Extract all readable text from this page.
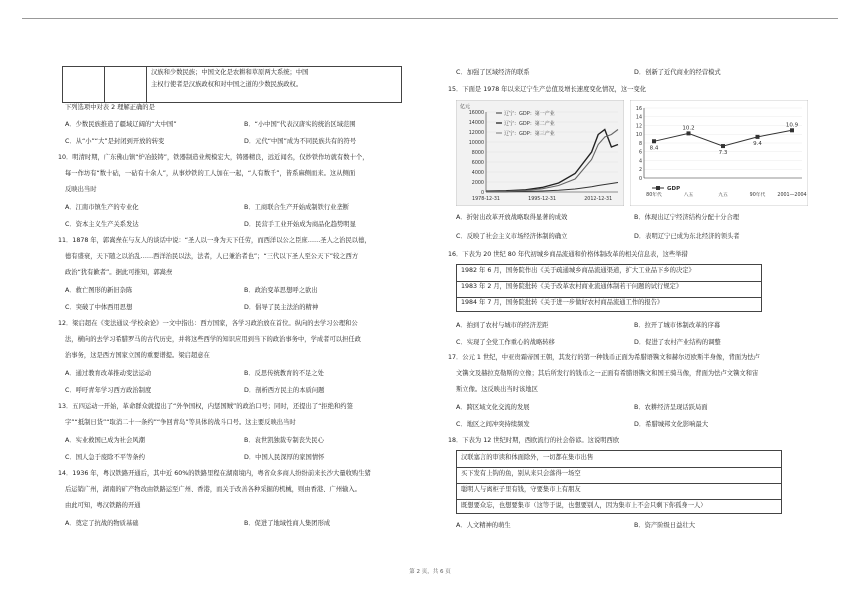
汉族和少数民族；中国文化是农耕和草原两大系统；中国
主权行使者是汉族政权和对中国之道的少数民族政权。
下列选项中对表 2 理解正确的是
A．少数民族推造了疆域辽阔的“大中国”	B．“小中国”代表汉唐实的统治区域范围
C．从“小”“大”是封闭到开放的转变	D．元代“中国”成为不同民族共有的符号
10．明清时期，广东佛山镇“炉冶鼓铸”，铁器制造业规模宏大，铸器精良，远近闻名，仅炒铁作坊就有数十个，
每一作坊有“数十砧，一砧有十余人”，从事炒铁的工人加在一起，“人有数千”，皆系麻侧而来。这从侧面
反映出当时
A．江南市镇生产的专业化	B．工商联合生产开始成制铁行业垄断
C．资本主义生产关系发达	D．民营手工业开始成为商品化趋势明显
11．1878 年，郭嵩焘在与友人的谈话中说：“圣人以一身为天下任劳，而西洋以公之臣庶……圣人之治民以德，
德有盛衰，天下随之以治乱……西洋治民以法，法者，人已兼治者也”；“三代以下圣人至公天下”较之西方
政治“犹有歉者”。据此可推知，郭嵩焘
A．救亡图形的新旧杂陈	B．政治变革思想呼之欲出
C．突破了中体西用思想	D．倡导了民主法治的精神
12．梁启超在《变法通议·学校余论》一文中指出：西方国家，各学习政治放在首位。纵向的去学习公理和公
法，横向的去学习希腊罗马的古代历史，并将这些西学的知识应用到当下的政治事务中，学成者可以担任政
治事务，这是西方国家立国的重要谱提。梁启超意在
A．通过教育改革推动变法运动	B．反思传统教育的不足之处
C．呼吁青年学习西方政治制度	D．剖析西方民主的本质问题
13．五四运动一开始，革命群众就提出了“外争国权，内惩国贼”的政治口号；同时，还提出了“拒绝和约签
字”“抵制日货”“取消二十一条约”“争回青岛”等具体的战斗口号。这主要反映出当时
A．实业救国已成为社会风潮	B．袁世凯独裁专制丧失民心
C．国人急于废除不平等条约	D．中国人民深厚的家国情怀
14．1936 年，粤汉铁路开通后，其中近 60%的铁路里程在湖南境内，粤省众多商人纷纷前来长沙大量收购生猪
后运销广州，湖南的矿产物改由铁路运至广州、香港，而关于改善各种采掘的机械，则由香港、广州输入。
由此可知，粤汉铁路的开通
A．奠定了抗战的物质基础	B．促进了地域性商人集团形成
C．加强了区域经济的联系	D．创新了近代商业的经营模式
15．下面是 1978 年以来辽宁生产总值及增长速度变化情况，这一变化
亿元
16000
14000
12000
10000
8000
6000
4000
2000
0
1978-12-31	1995-12-31	2012-12-31
辽宁：GDP：第一产业
辽宁：GDP：第二产业
辽宁：GDP：第三产业
16
14
12
10
8
6
4
2
0
8.4
10.2
7.3
9.4
10.9
80年代	八五	九五	90年代	2001—2004
GDP
A．折射出改革开放战略取得显著的成效	B．体现出辽宁经济结构分配十分合理
C．反映了社会主义市场经济体制的确立	D．表明辽宁已成为东北经济的领头者
16．下表为 20 世纪 80 年代初城乡商品流通和价格体制改革的相关信息表，这些举措
1982 年 6 月，国务院作出《关于疏通城乡商品流通渠道，扩大工业品下乡的决定》
1983 年 2 月，国务院批转《关于改革农村商业流通体制若干问题的试行规定》
1984 年 7 月，国务院批转《关于进一步做好农村商品流通工作的报告》
A．拍到了农村与城市的经济差距	B．拉开了城市体制改革的序幕
C．实现了全党工作重心的战略转移	D．促进了农村产业结构的调整
17．公元 1 世纪，中亚贵霜帝国王朝，其发行的第一种钱币正面为希腊语镌文和赫尔迈欧斯半身像，背面为怯卢
文镌文及赫拉克勒斯的立像；其后所发行的钱币之一正面有希腊语镌文和国王骑马像，背面为怯卢文镌文和宙
斯立像。这反映出当时该地区
A．跨区域文化交流的发展	B．农耕经济呈现话跃局面
C．地区之间冲突持续频发	D．希腊城邦文化影响最大
18．下表为 12 世纪时期，西欧流行的社会俗谚。这说明西欧
汉联塞言的审读和体面除外，一切都在集市出售
买下发有上钩的鱼，别从来只会落得一场空
聪明人与离柜子里有钱，守要集市上有朋友
既想要众忘，也想要集市（这等于说，也想要别人，因为集市上不会只剩下你孤身一人）
A．人文精神的萌生	B．资产阶级日益壮大
第 2 页，共 6 页
